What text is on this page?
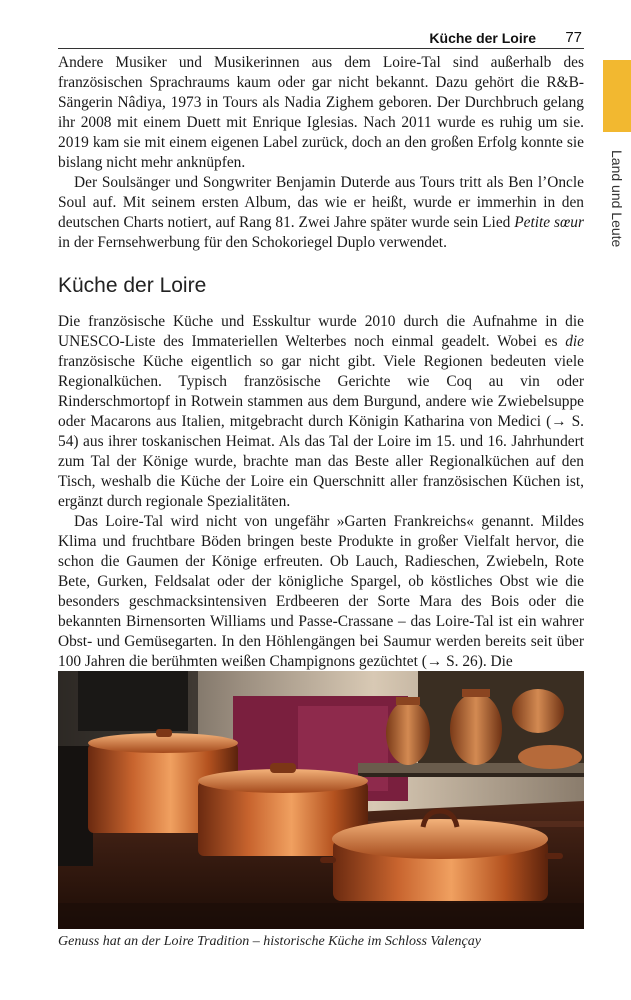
Küche der Loire 77
Land und Leute

Andere Musiker und Musikerinnen aus dem Loire-Tal sind außerhalb des französischen Sprachraums kaum oder gar nicht bekannt. Dazu gehört die R&B-Sängerin Nâdiya, 1973 in Tours als Nadia Zighem geboren. Der Durchbruch gelang ihr 2008 mit einem Duett mit Enrique Iglesias. Nach 2011 wurde es ruhig um sie. 2019 kam sie mit einem eigenen Label zurück, doch an den großen Erfolg konnte sie bislang nicht mehr anknüpfen.

Der Soulsänger und Songwriter Benjamin Duterde aus Tours tritt als Ben l’Oncle Soul auf. Mit seinem ersten Album, das wie er heißt, wurde er immerhin in den deutschen Charts notiert, auf Rang 81. Zwei Jahre später wurde sein Lied Petite sœur in der Fernsehwerbung für den Schokoriegel Duplo verwendet.

Küche der Loire

Die französische Küche und Esskultur wurde 2010 durch die Aufnahme in die UNESCO-Liste des Immateriellen Welterbes noch einmal geadelt. Wobei es die französische Küche eigentlich so gar nicht gibt. Viele Regionen bedeuten viele Regionalküchen. Typisch französische Gerichte wie Coq au vin oder Rinderschmortopf in Rotwein stammen aus dem Burgund, andere wie Zwiebelsuppe oder Macarons aus Italien, mitgebracht durch Königin Katharina von Medici (→ S. 54) aus ihrer toskanischen Heimat. Als das Tal der Loire im 15. und 16. Jahrhundert zum Tal der Könige wurde, brachte man das Beste aller Regionalküchen auf den Tisch, weshalb die Küche der Loire ein Querschnitt aller französischen Küchen ist, ergänzt durch regionale Spezialitäten.

Das Loire-Tal wird nicht von ungefähr »Garten Frankreichs« genannt. Mildes Klima und fruchtbare Böden bringen beste Produkte in großer Vielfalt hervor, die schon die Gaumen der Könige erfreuten. Ob Lauch, Radieschen, Zwiebeln, Rote Bete, Gurken, Feldsalat oder der königliche Spargel, ob köstliches Obst wie die besonders geschmacksintensiven Erdbeeren der Sorte Mara des Bois oder die bekannten Birnensorten Williams und Passe-Crassane – das Loire-Tal ist ein wahrer Obst- und Gemüsegarten. In den Höhlengängen bei Saumur werden bereits seit über 100 Jahren die berühmten weißen Champignons gezüchtet (→ S. 26). Die

Genuss hat an der Loire Tradition – historische Küche im Schloss Valençay
